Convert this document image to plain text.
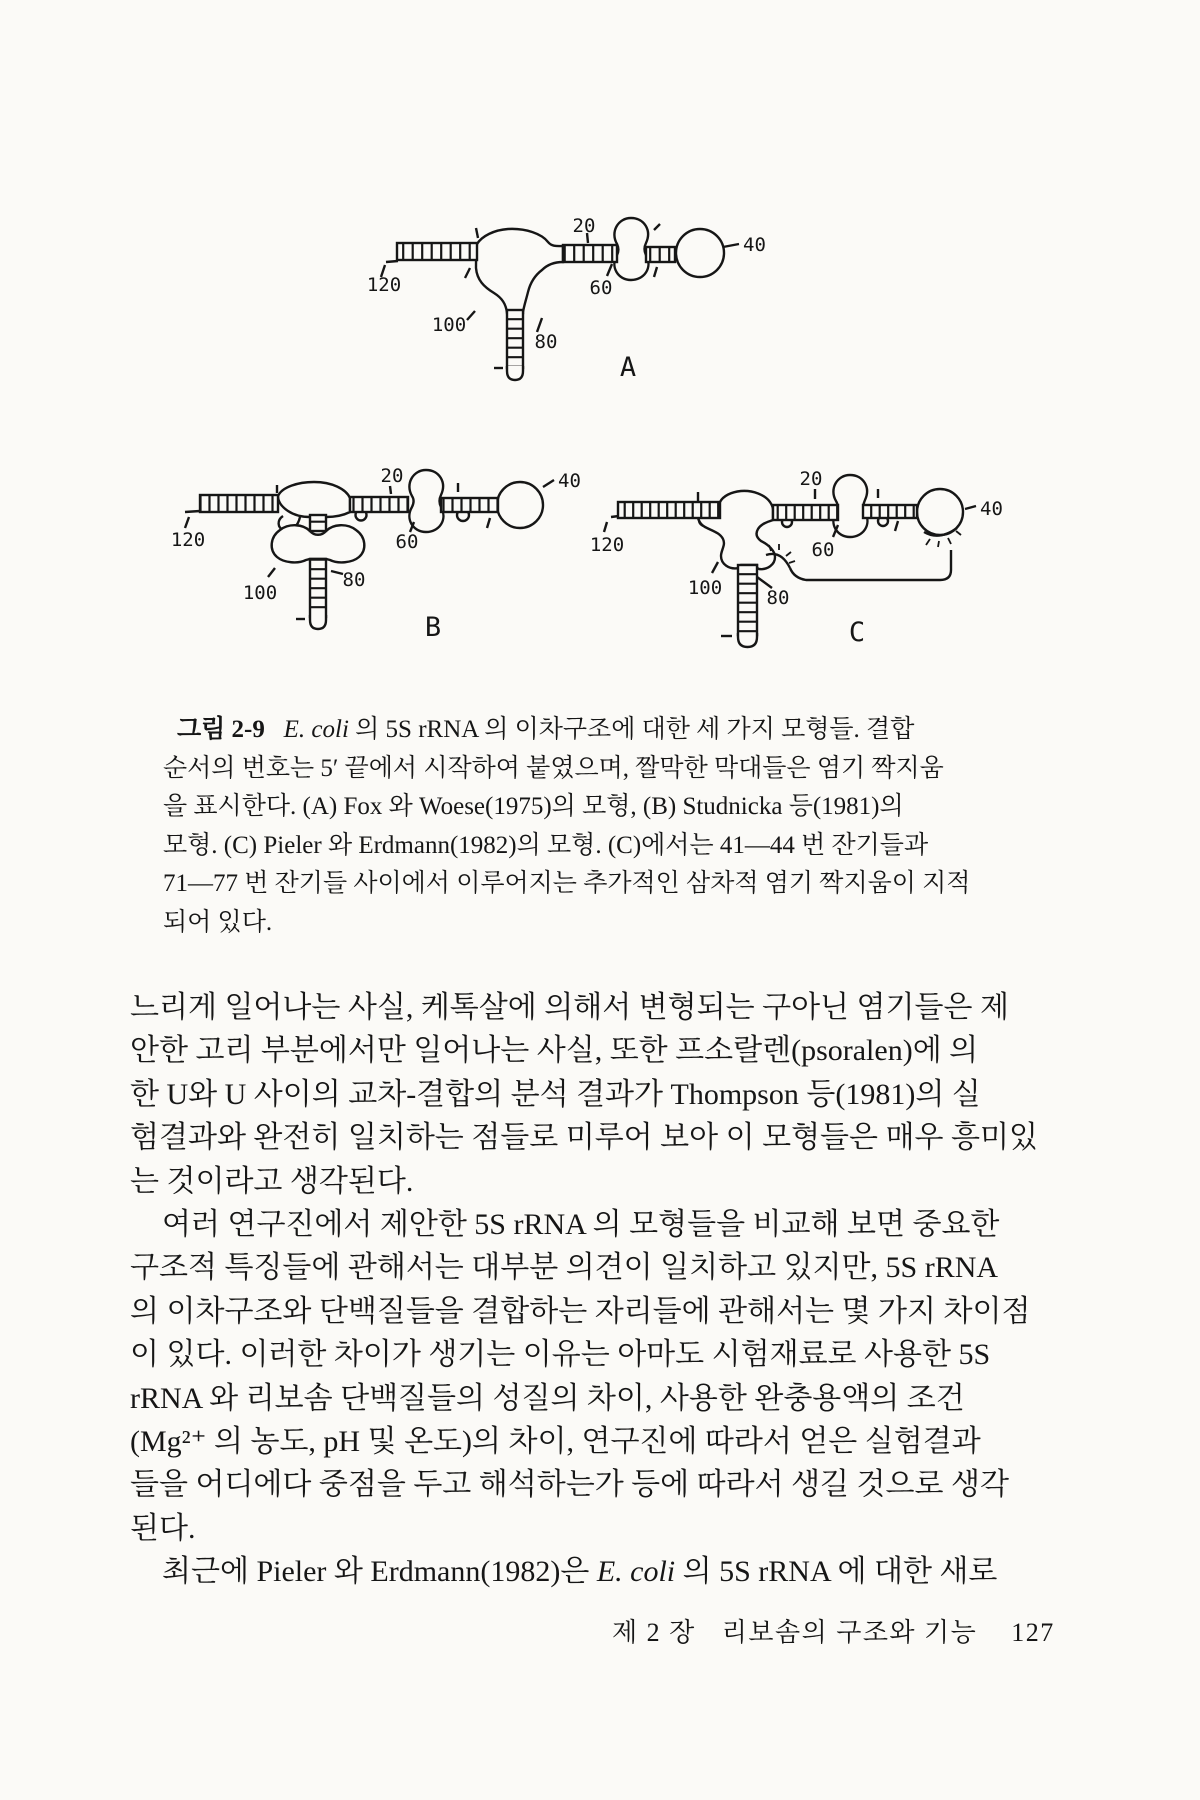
20
40
60
80
100
120
A
20	40
60
80
100
120
B
20
40
60
80
100
120
C
그림 2-9 E. coli 의 5S rRNA 의 이차구조에 대한 세 가지 모형들. 결합
순서의 번호는 5′ 끝에서 시작하여 붙였으며, 짤막한 막대들은 염기 짝지움
을 표시한다. (A) Fox 와 Woese(1975)의 모형, (B) Studnicka 등(1981)의
모형. (C) Pieler 와 Erdmann(1982)의 모형. (C)에서는 41—44 번 잔기들과
71—77 번 잔기들 사이에서 이루어지는 추가적인 삼차적 염기 짝지움이 지적
되어 있다.
느리게 일어나는 사실, 케톡살에 의해서 변형되는 구아닌 염기들은 제
안한 고리 부분에서만 일어나는 사실, 또한 프소랄렌(psoralen)에 의
한 U와 U 사이의 교차-결합의 분석 결과가 Thompson 등(1981)의 실
험결과와 완전히 일치하는 점들로 미루어 보아 이 모형들은 매우 흥미있
는 것이라고 생각된다.
여러 연구진에서 제안한 5S rRNA 의 모형들을 비교해 보면 중요한
구조적 특징들에 관해서는 대부분 의견이 일치하고 있지만, 5S rRNA
의 이차구조와 단백질들을 결합하는 자리들에 관해서는 몇 가지 차이점
이 있다. 이러한 차이가 생기는 이유는 아마도 시험재료로 사용한 5S
rRNA 와 리보솜 단백질들의 성질의 차이, 사용한 완충용액의 조건
(Mg²⁺ 의 농도, pH 및 온도)의 차이, 연구진에 따라서 얻은 실험결과
들을 어디에다 중점을 두고 해석하는가 등에 따라서 생길 것으로 생각
된다.
최근에 Pieler 와 Erdmann(1982)은 E. coli 의 5S rRNA 에 대한 새로
제 2 장 리보솜의 구조와 기능 127
